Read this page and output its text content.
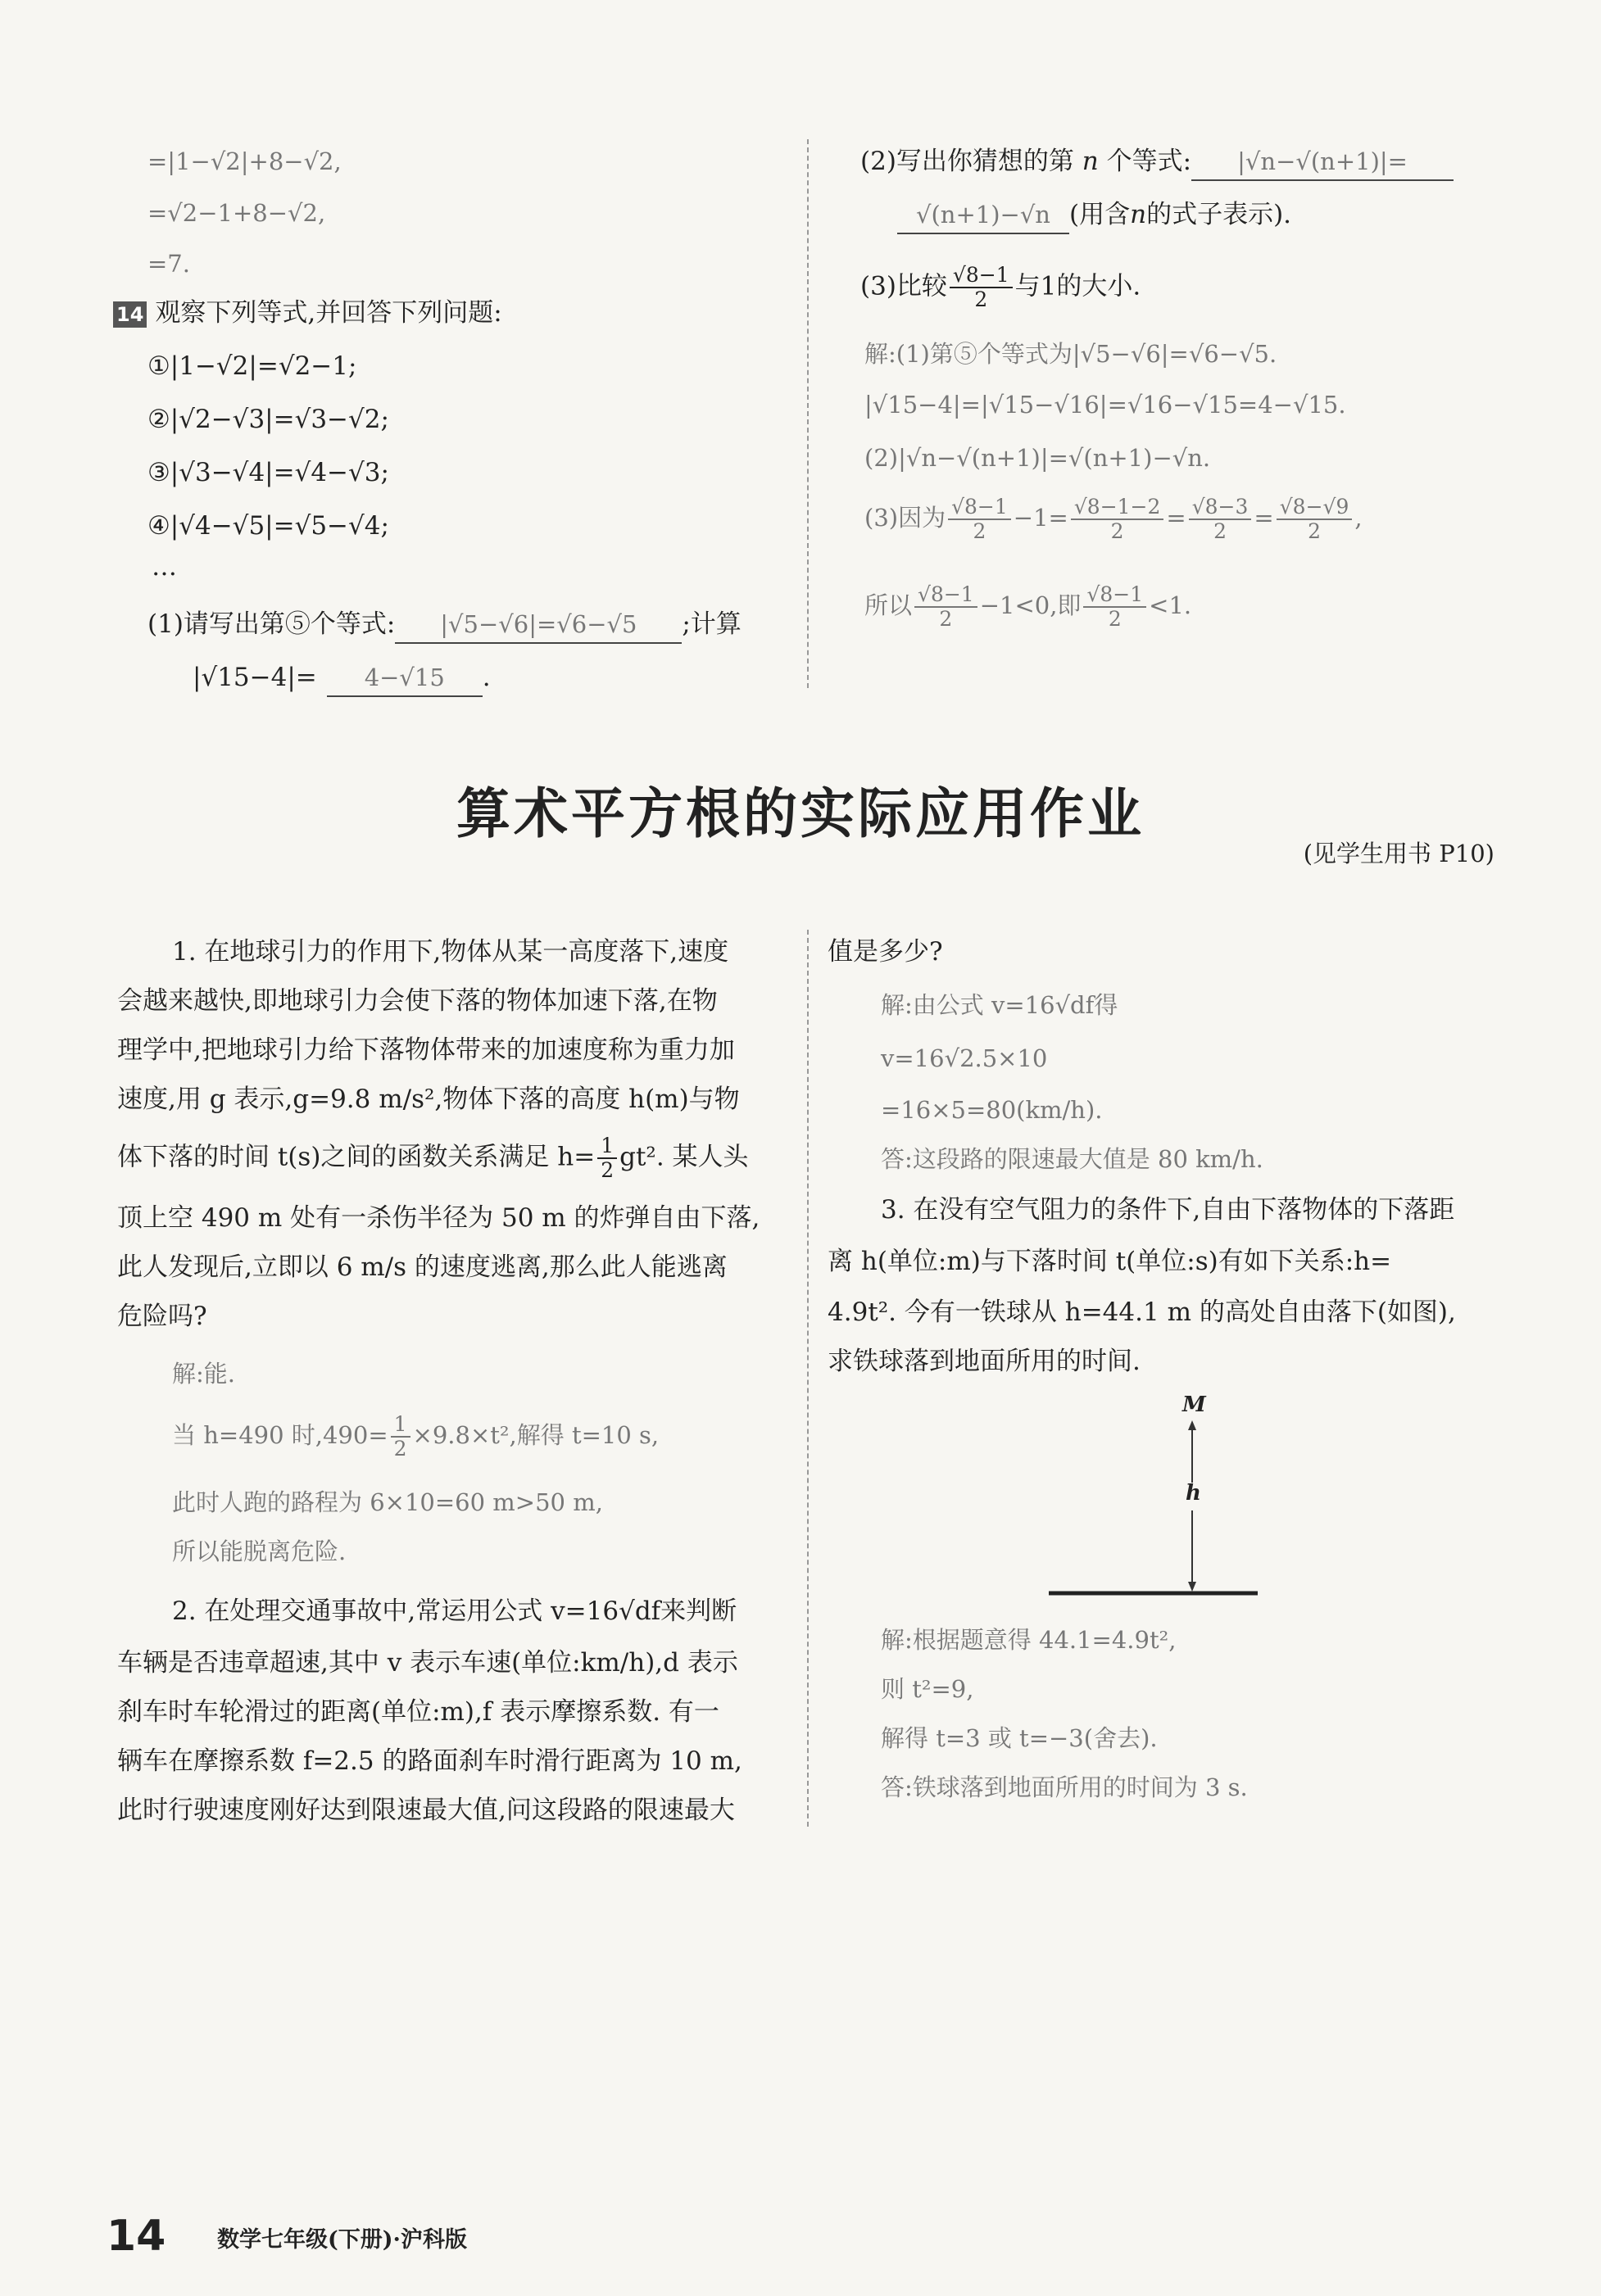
=|1−√2|+8−√2,
=√2−1+8−√2,
=7.
14 观察下列等式,并回答下列问题:
①|1−√2|=√2−1;
②|√2−√3|=√3−√2;
③|√3−√4|=√4−√3;
④|√4−√5|=√5−√4;
…
(1)请写出第⑤个等式: |√5−√6|=√6−√5 ;计算
|√15−4|= 4−√15 .
(2)写出你猜想的第 n 个等式: |√n−√(n+1)|=
√(n+1)−√n (用含n的式子表示).
(3)比较 $\frac{√8-1}{2}$ 与1的大小.
解:(1)第⑤个等式为|√5−√6|=√6−√5.
|√15−4|=|√15−√16|=√16−√15=4−√15.
(2)|√n−√(n+1)|=√(n+1)−√n.
(3)因为 $\frac{√8-1}{2} -1= \frac{√8-1-2}{2} = \frac{√8-3}{2} = \frac{√8-√9}{2}$ ,
所以 $\frac{√8-1}{2} -1<0$,即 $\frac{√8-1}{2} <1$.
算术平方根的实际应用作业
(见学生用书 P10)
1. 在地球引力的作用下,物体从某一高度落下,速度
会越来越快,即地球引力会使下落的物体加速下落,在物
理学中,把地球引力给下落物体带来的加速度称为重力加
速度,用 g 表示,g=9.8 m/s²,物体下落的高度 h(m)与物
体下落的时间 t(s)之间的函数关系满足 $h= \frac{1}{2} gt^2$. 某人头
顶上空 490 m 处有一杀伤半径为 50 m 的炸弹自由下落,
此人发现后,立即以 6 m/s 的速度逃离,那么此人能逃离
危险吗?
解:能.
当 h=490 时$,490= \frac{1}{2} \times 9.8\times t^2$,解得 t=10 s,
此时人跑的路程为 6×10=60 m>50 m,
所以能脱离危险.
2. 在处理交通事故中,常运用公式 v=16√df来判断
车辆是否违章超速,其中 v 表示车速(单位:km/h),d 表示
刹车时车轮滑过的距离(单位:m),f 表示摩擦系数. 有一
辆车在摩擦系数 f=2.5 的路面刹车时滑行距离为 10 m,
此时行驶速度刚好达到限速最大值,问这段路的限速最大
值是多少?
解:由公式 v=16√df得
v=16√2.5×10
=16×5=80(km/h).
答:这段路的限速最大值是 80 km/h.
3. 在没有空气阻力的条件下,自由下落物体的下落距
离 h(单位:m)与下落时间 t(单位:s)有如下关系:h=
4.9t². 今有一铁球从 h=44.1 m 的高处自由落下(如图),
求铁球落到地面所用的时间.
M
h
解:根据题意得 44.1=4.9t²,
则 t²=9,
解得 t=3 或 t=−3(舍去).
答:铁球落到地面所用的时间为 3 s.
14 数学七年级(下册)·沪科版
